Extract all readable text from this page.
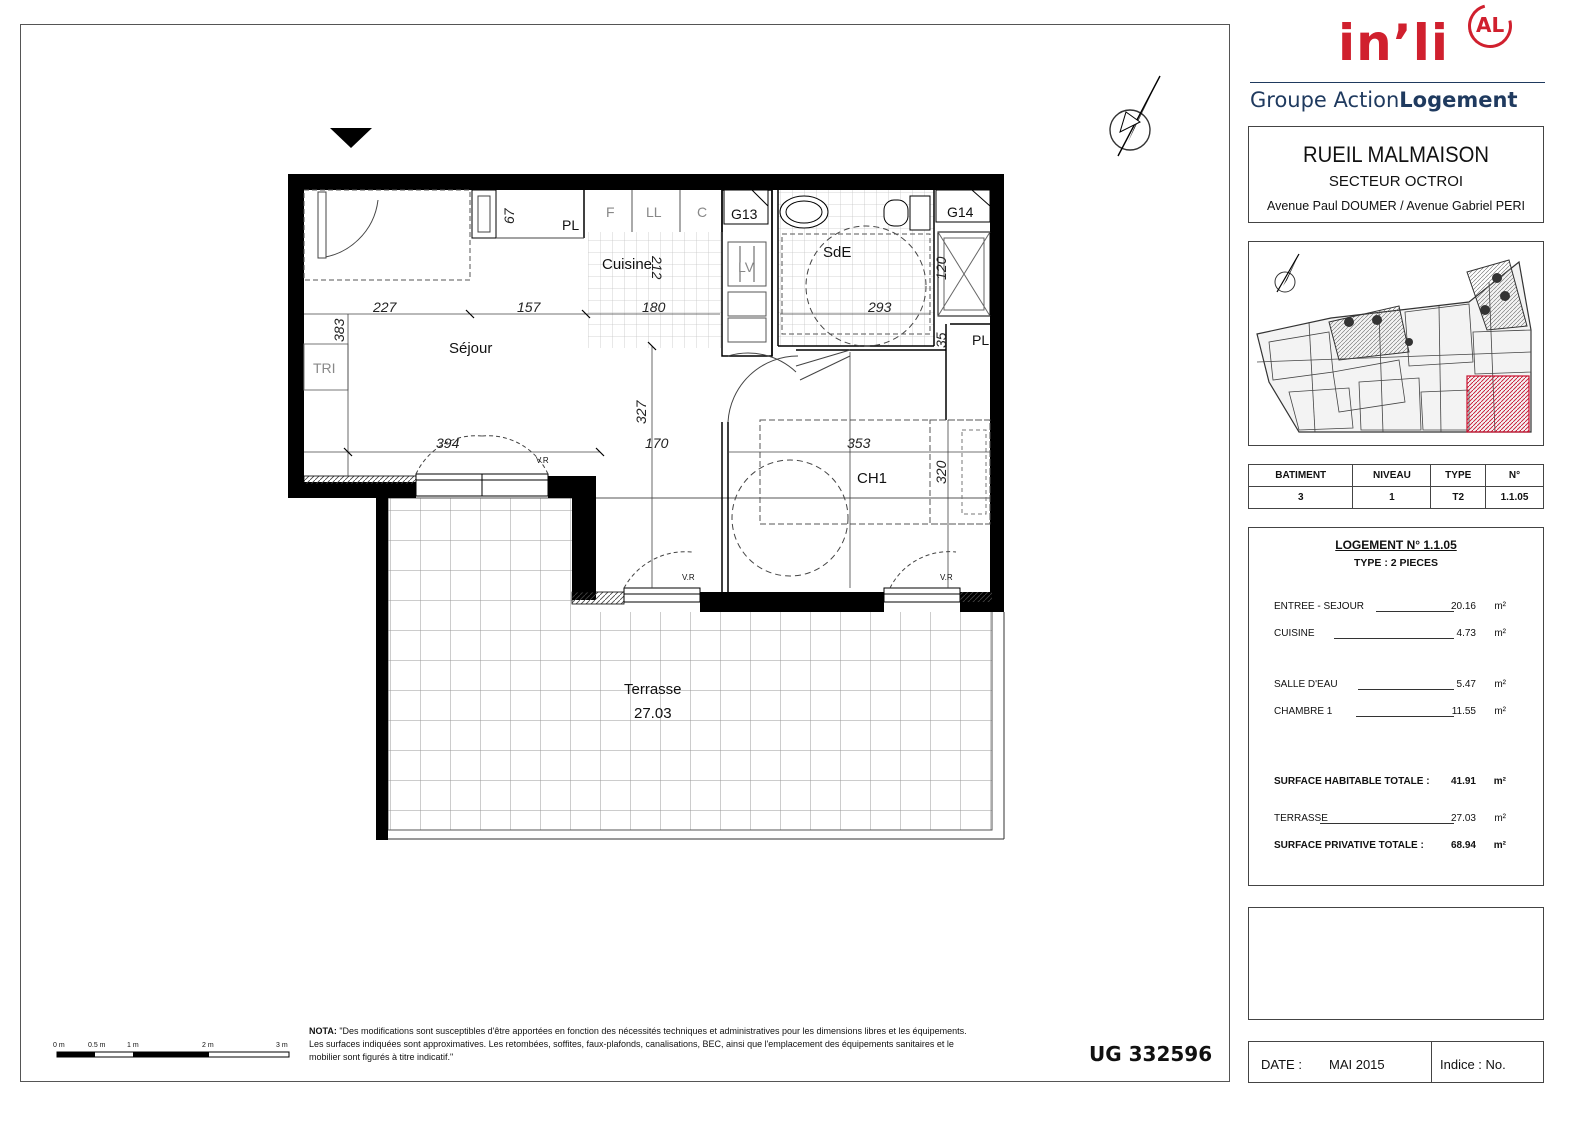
Séjour
Cuisine
SdE
CH1
Terrasse
27.03
PL
PL
G13	G14
F LL	C
LV
TRI
V.R
V.R	V.R
227	157	180	293
394	170	353
383
67
212	120
35
327
320
0 m	0.5 m	1 m	2 m	3 m
NOTA: "Des modifications sont susceptibles d'être apportées en fonction des nécessités techniques et administratives pour les dimensions libres et les équipements. Les surfaces indiquées sont approximatives. Les retombées, soffites, faux-plafonds, canalisations, BEC, ainsi que l'emplacement des équipements sanitaires et le mobilier sont figurés à titre indicatif."	UG 332596
in’li AL
Groupe ActionLogement
RUEIL MALMAISON
SECTEUR OCTROI
Avenue Paul DOUMER / Avenue Gabriel PERI
BATIMENT	NIVEAU	TYPE	N°
3	1	T2	1.1.05
LOGEMENT N° 1.1.05
TYPE : 2 PIECES
ENTREE - SEJOUR	20.16 m²
CUISINE	4.73 m²
SALLE D'EAU	5.47 m²
CHAMBRE 1	11.55 m²
SURFACE HABITABLE TOTALE : 41.91 m²
TERRASSE	27.03 m²
SURFACE PRIVATIVE TOTALE :	68.94 m²
DATE : MAI 2015	Indice : No.
